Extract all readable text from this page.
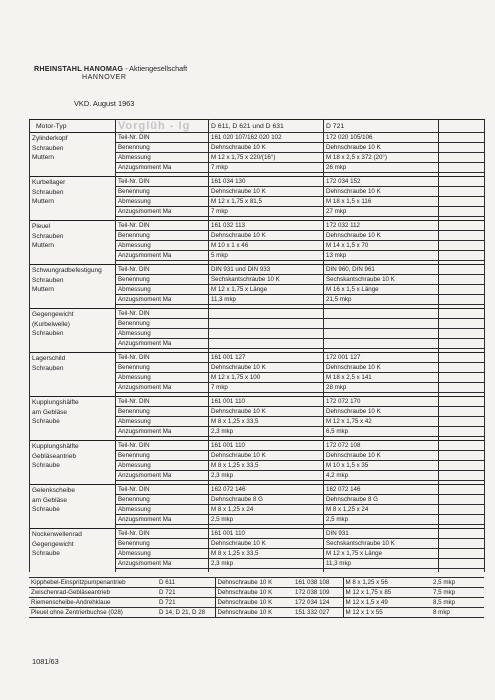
RHEINSTAHL HANOMAG - Aktiengesellschaft
HANNOVER
VKD. August 1963
Motor-Typ	Vorglüh - Ig	D 611, D 621 und D 631	D 721	

Zylinderkopf
Schrauben
Muttern	Teil-Nr. DIN	161 020 107/162 020 102	172 020 105/106	
	Benennung	Dehnschraube 10 K	Dehnschraube 10 K	
	Abmessung	M 12 x 1,75 x 220/(16°)	M 18 x 2,5 x 372 (20°)	
	Anzugsmoment Ma	7 mkp	26 mkp	

Kurbellager
Schrauben
Muttern	Teil-Nr. DIN	161 034 130	172 034 152	
	Benennung	Dehnschraube 10 K	Dehnschraube 10 K	
	Abmessung	M 12 x 1,75 x 81,5	M 18 x 1,5 x 116	
	Anzugsmoment Ma	7 mkp	27 mkp	

Pleuel
Schrauben
Muttern	Teil-Nr. DIN	161 032 113	172 032 112	
	Benennung	Dehnschraube 10 K	Dehnschraube 10 K	
	Abmessung	M 10 x 1 x 46	M 14 x 1,5 x 70	
	Anzugsmoment Ma	5 mkp	13 mkp	

Schwungradbefestigung
Schrauben
Muttern	Teil-Nr. DIN	DIN 931 und DIN 933	DIN 960, DIN 961	
	Benennung	Sechskantschraube 10 K	Sechskantschraube 10 K	
	Abmessung	M 12 x 1,75 x Länge	M 16 x 1,5 x Länge	
	Anzugsmoment Ma	11,3 mkp	21,5 mkp	

Gegengewicht
(Kurbelwelle)
Schrauben	Teil-Nr. DIN			
	Benennung			
	Abmessung			
	Anzugsmoment Ma			

Lagerschild
Schrauben	Teil-Nr. DIN	161 001 127	172 001 127	
	Benennung	Dehnschraube 10 K	Dehnschraube 10 K	
	Abmessung	M 12 x 1,75 x 100	M 18 x 2,5 x 141	
	Anzugsmoment Ma	7 mkp	28 mkp	

Kupplungshälfte
am Gebläse
Schraube	Teil-Nr. DIN	161 001 110	172 072 170	
	Benennung	Dehnschraube 10 K	Dehnschraube 10 K	
	Abmessung	M 8 x 1,25 x 33,5	M 12 x 1,75 x 42	
	Anzugsmoment Ma	2,3 mkp	6,5 mkp	

Kupplungshälfte
Gebläseantrieb
Schraube	Teil-Nr. DIN	161 001 110	172 072 108	
	Benennung	Dehnschraube 10 K	Dehnschraube 10 K	
	Abmessung	M 8 x 1,25 x 33,5	M 10 x 1,5 x 35	
	Anzugsmoment Ma	2,3 mkp	4,2 mkp	

Gelenkscheibe
am Gebläse
Schraube	Teil-Nr. DIN	162 072 146	162 072 146	
	Benennung	Dehnschraube 8 G	Dehnschraube 8 G	
	Abmessung	M 8 x 1,25 x 24	M 8 x 1,25 x 24	
	Anzugsmoment Ma	2,5 mkp	2,5 mkp	

Nockenwellenrad
Gegengewicht
Schraube	Teil-Nr. DIN	161 001 110	DIN 931	
	Benennung	Dehnschraube 10 K	Sechskantschraube 10 K	
	Abmessung	M 8 x 1,25 x 33,5	M 12 x 1,75 x Länge	
	Anzugsmoment Ma	2,3 mkp	11,3 mkp	

Kipphebel-Einspritzpumpenantrieb	D 611	Dehnschraube 10 K	161 038 108	M 8 x 1,25 x 56	2,5 mkp
Zwischenrad-Gebläseantrieb	D 721	Dehnschraube 10 K	172 038 109	M 12 x 1,75 x 85	7,5 mkp
Riemenscheibe-Andrehklaue	D 721	Dehnschraube 10 K	172 034 124	M 12 x 1,5 x 49	8,5 mkp
Pleuel ohne Zentrierbuchse (028)	D 14, D 21, D 28	Dehnschraube 10 K	151 332 027	M 12 x 1 x 55	8 mkp
1081/63
